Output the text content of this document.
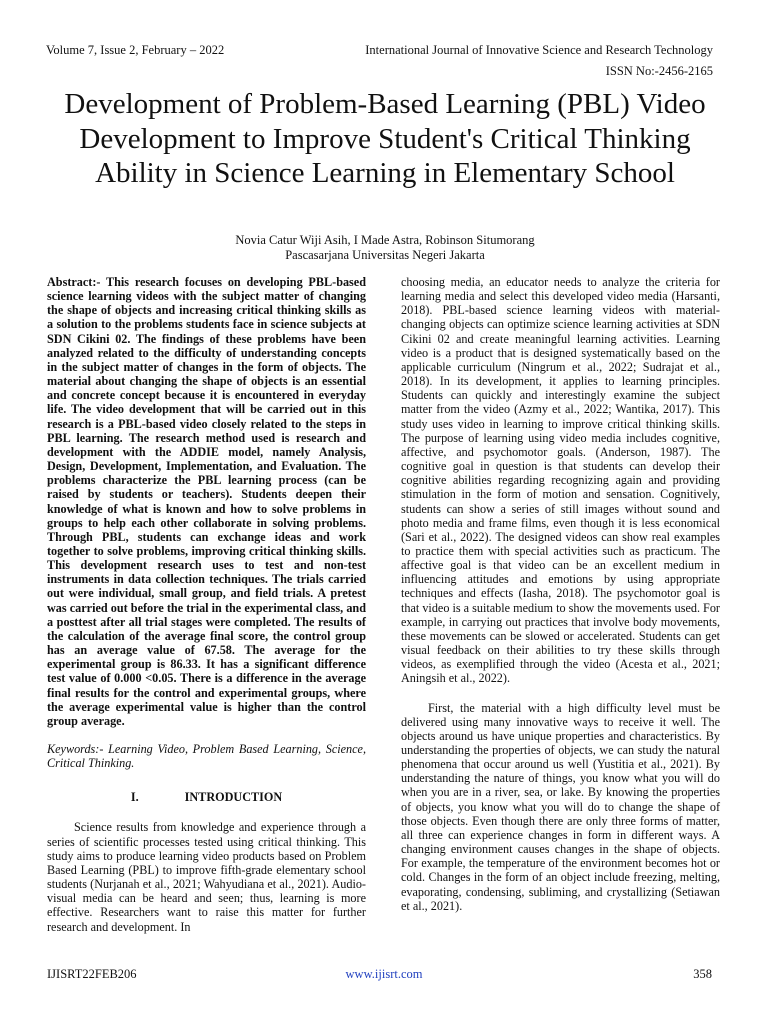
Volume 7, Issue 2, February – 2022	International Journal of Innovative Science and Research Technology
ISSN No:-2456-2165
Development of Problem-Based Learning (PBL) Video Development to Improve Student's Critical Thinking Ability in Science Learning in Elementary School
Novia Catur Wiji Asih, I Made Astra, Robinson Situmorang
Pascasarjana Universitas Negeri Jakarta

Abstract:- This research focuses on developing PBL-based science learning videos with the subject matter of changing the shape of objects and increasing critical thinking skills as a solution to the problems students face in science subjects at SDN Cikini 02. The findings of these problems have been analyzed related to the difficulty of understanding concepts in the subject matter of changes in the form of objects. The material about changing the shape of objects is an essential and concrete concept because it is encountered in everyday life. The video development that will be carried out in this research is a PBL-based video closely related to the steps in PBL learning. The research method used is research and development with the ADDIE model, namely Analysis, Design, Development, Implementation, and Evaluation. The problems characterize the PBL learning process (can be raised by students or teachers). Students deepen their knowledge of what is known and how to solve problems in groups to help each other collaborate in solving problems. Through PBL, students can exchange ideas and work together to solve problems, improving critical thinking skills. This development research uses to test and non-test instruments in data collection techniques. The trials carried out were individual, small group, and field trials. A pretest was carried out before the trial in the experimental class, and a posttest after all trial stages were completed. The results of the calculation of the average final score, the control group has an average value of 67.58. The average for the experimental group is 86.33. It has a significant difference test value of 0.000 <0.05. There is a difference in the average final results for the control and experimental groups, where the average experimental value is higher than the control group average.

Keywords:- Learning Video, Problem Based Learning, Science, Critical Thinking.

I.	INTRODUCTION

Science results from knowledge and experience through a series of scientific processes tested using critical thinking. This study aims to produce learning video products based on Problem Based Learning (PBL) to improve fifth-grade elementary school students (Nurjanah et al., 2021; Wahyudiana et al., 2021). Audio-visual media can be heard and seen; thus, learning is more effective. Researchers want to raise this matter for further research and development. In

choosing media, an educator needs to analyze the criteria for learning media and select this developed video media (Harsanti, 2018). PBL-based science learning videos with material-changing objects can optimize science learning activities at SDN Cikini 02 and create meaningful learning activities. Learning video is a product that is designed systematically based on the applicable curriculum (Ningrum et al., 2022; Sudrajat et al., 2018). In its development, it applies to learning principles. Students can quickly and interestingly examine the subject matter from the video (Azmy et al., 2022; Wantika, 2017). This study uses video in learning to improve critical thinking skills. The purpose of learning using video media includes cognitive, affective, and psychomotor goals. (Anderson, 1987). The cognitive goal in question is that students can develop their cognitive abilities regarding recognizing again and providing stimulation in the form of motion and sensation. Cognitively, students can show a series of still images without sound and photo media and frame films, even though it is less economical (Sari et al., 2022). The designed videos can show real examples to practice them with special activities such as practicum. The affective goal is that video can be an excellent medium in influencing attitudes and emotions by using appropriate techniques and effects (Iasha, 2018). The psychomotor goal is that video is a suitable medium to show the movements used. For example, in carrying out practices that involve body movements, these movements can be slowed or accelerated. Students can get visual feedback on their abilities to try these skills through videos, as exemplified through the video (Acesta et al., 2021; Aningsih et al., 2022).

First, the material with a high difficulty level must be delivered using many innovative ways to receive it well. The objects around us have unique properties and characteristics. By understanding the properties of objects, we can study the natural phenomena that occur around us well (Yustitia et al., 2021). By understanding the nature of things, you know what you will do when you are in a river, sea, or lake. By knowing the properties of objects, you know what you will do to change the shape of those objects. Even though there are only three forms of matter, all three can experience changes in form in different ways. A changing environment causes changes in the shape of objects. For example, the temperature of the environment becomes hot or cold. Changes in the form of an object include freezing, melting, evaporating, condensing, subliming, and crystallizing (Setiawan et al., 2021).

IJISRT22FEB206	www.ijisrt.com	358
